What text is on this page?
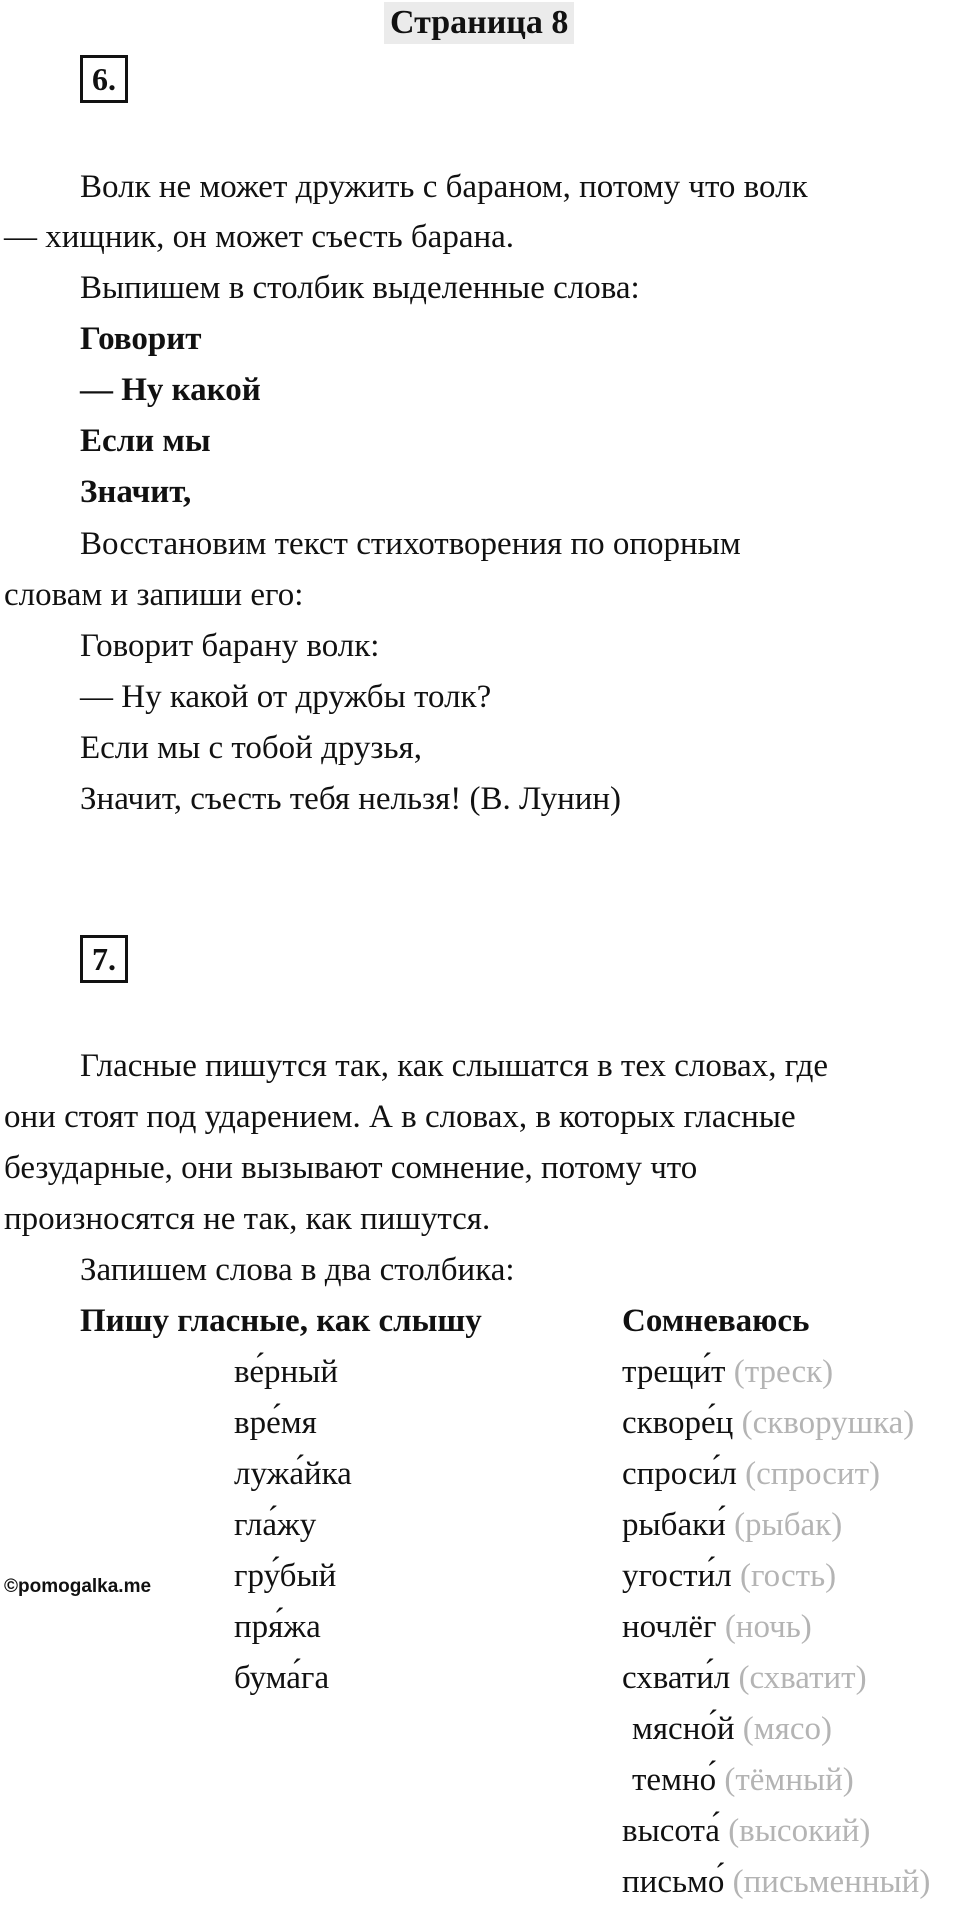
Страница 8
6.
Волк не может дружить с бараном, потому что волк
— хищник, он может съесть барана.
Выпишем в столбик выделенные слова:
Говорит
— Ну какой
Если мы
Значит,
Восстановим текст стихотворения по опорным
словам и запиши его:
Говорит барану волк:
— Ну какой от дружбы толк?
Если мы с тобой друзья,
Значит, съесть тебя нельзя! (В. Лунин)
7.
Гласные пишутся так, как слышатся в тех словах, где
они стоят под ударением. А в словах, в которых гласные
безударные, они вызывают сомнение, потому что
произносятся не так, как пишутся.
Запишем слова в два столбика:
Пишу гласные, как слышу	Сомневаюсь
ве́рный
вре́мя
лужа́йка
гла́жу
гру́бый
пря́жа
бума́га
трещи́т (треск)
скворе́ц (скворушка)
спроси́л (спросит)
рыбаки́ (рыбак)
угости́л (гость)
ночлёг (ночь)
схвати́л (схватит)
мясно́й (мясо)
темно́ (тёмный)
высота́ (высокий)
письмо́ (письменный)
©pomogalka.me
